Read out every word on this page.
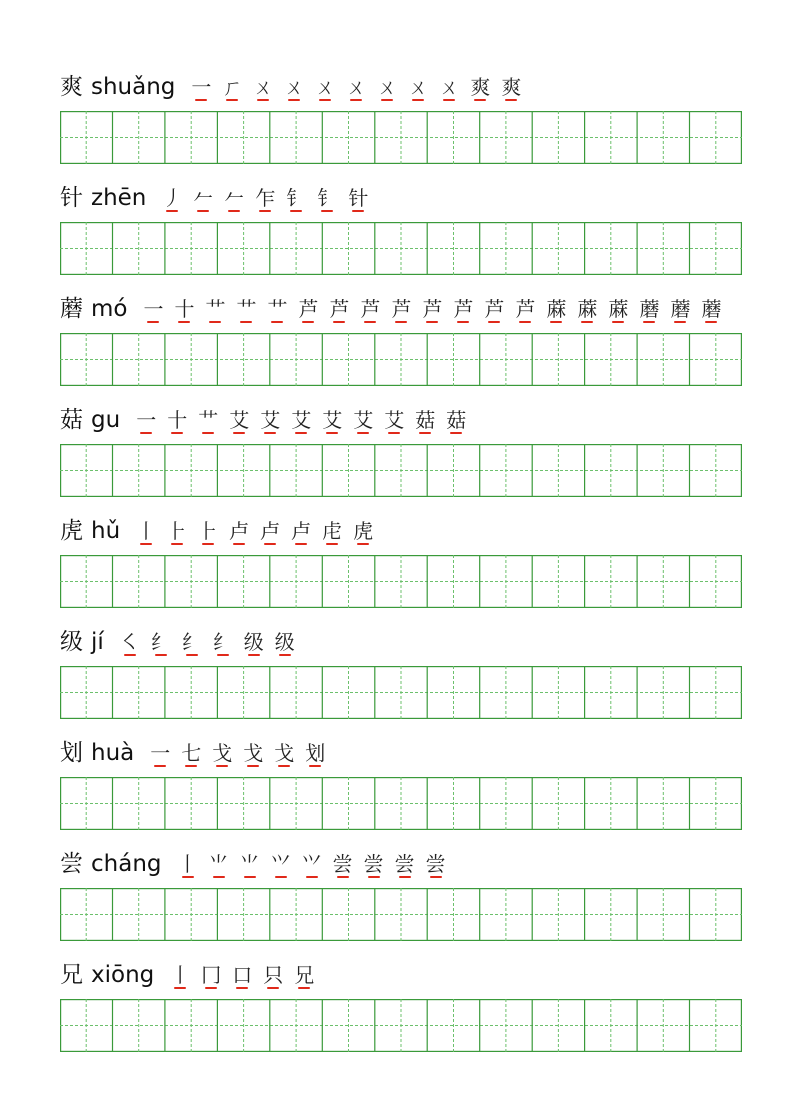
爽 shuǎng 一 ㄏ ㄨ ㄨ ㄨ ㄨ ㄨ ㄨ ㄨ 爽 爽
针 zhēn 丿 𠂉 𠂉 乍 钅 钅 针
蘑 mó 一 十 艹 艹 艹 芦 芦 芦 芦 芦 芦 芦 芦 蔴 蔴 蔴 蘑 蘑 蘑
菇 gu 一 十 艹 艾 艾 艾 艾 艾 艾 菇 菇
虎 hǔ 丨 ⺊ ⺊ 卢 卢 卢 虍 虎
级 jí ㇛ 纟 纟 纟 级 级
划 huà 一 七 戈 戈 戈 划
尝 cháng 丨 ⺌ ⺌ ⺍ ⺍ 尝 尝 尝 尝
兄 xiōng 丨 冂 口 只 兄
